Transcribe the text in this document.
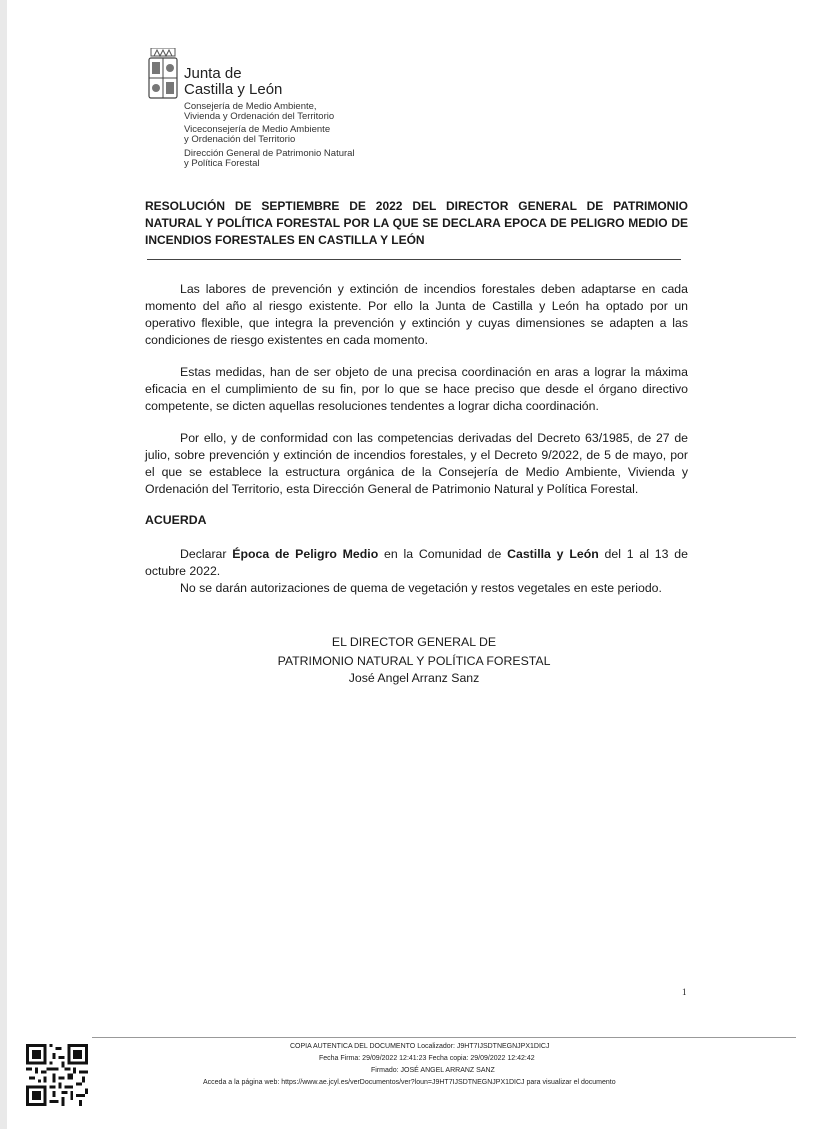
Junta de
Castilla y León
Consejería de Medio Ambiente,
Vivienda y Ordenación del Territorio
Viceconsejería de Medio Ambiente
y Ordenación del Territorio
Dirección General de Patrimonio Natural
y Política Forestal
RESOLUCIÓN DE SEPTIEMBRE DE 2022 DEL DIRECTOR GENERAL DE PATRIMONIO NATURAL Y POLÍTICA FORESTAL POR LA QUE SE DECLARA EPOCA DE PELIGRO MEDIO DE INCENDIOS FORESTALES EN CASTILLA Y LEÓN

Las labores de prevención y extinción de incendios forestales deben adaptarse en cada momento del año al riesgo existente. Por ello la Junta de Castilla y León ha optado por un operativo flexible, que integra la prevención y extinción y cuyas dimensiones se adapten a las condiciones de riesgo existentes en cada momento.

Estas medidas, han de ser objeto de una precisa coordinación en aras a lograr la máxima eficacia en el cumplimiento de su fin, por lo que se hace preciso que desde el órgano directivo competente, se dicten aquellas resoluciones tendentes a lograr dicha coordinación.

Por ello, y de conformidad con las competencias derivadas del Decreto 63/1985, de 27 de julio, sobre prevención y extinción de incendios forestales, y el Decreto 9/2022, de 5 de mayo, por el que se establece la estructura orgánica de la Consejería de Medio Ambiente, Vivienda y Ordenación del Territorio, esta Dirección General de Patrimonio Natural y Política Forestal.

ACUERDA

Declarar Época de Peligro Medio en la Comunidad de Castilla y León del 1 al 13 de octubre 2022.

No se darán autorizaciones de quema de vegetación y restos vegetales en este periodo.

EL DIRECTOR GENERAL DE
PATRIMONIO NATURAL Y POLÍTICA FORESTAL
José Angel Arranz Sanz
1
COPIA AUTENTICA DEL DOCUMENTO Localizador: J9HT7IJSDTNEGNJPX1DICJ
Fecha Firma: 29/09/2022 12:41:23 Fecha copia: 29/09/2022 12:42:42
Firmado: JOSÉ ANGEL ARRANZ SANZ
Acceda a la página web: https://www.ae.jcyl.es/verDocumentos/ver?loun=J9HT7IJSDTNEGNJPX1DICJ para visualizar el documento
